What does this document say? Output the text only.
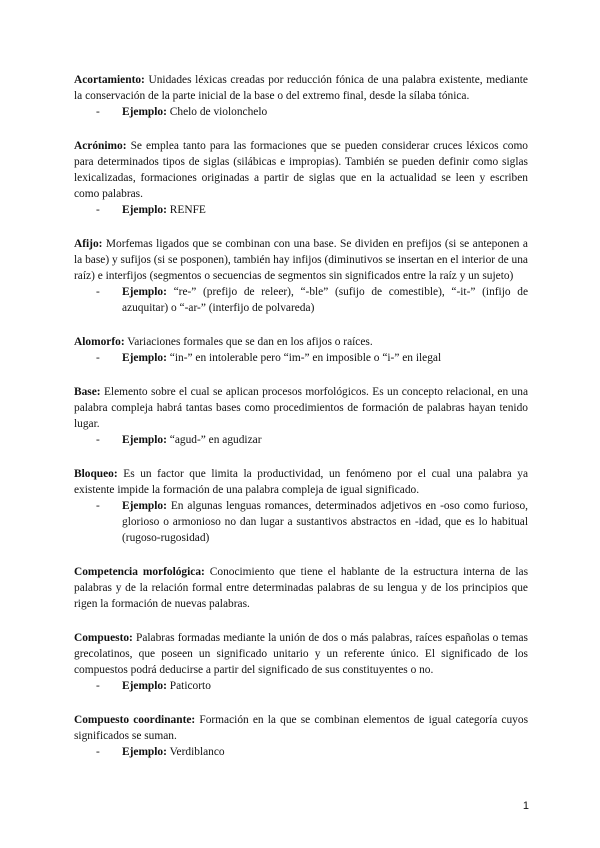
Acortamiento: Unidades léxicas creadas por reducción fónica de una palabra existente, mediante la conservación de la parte inicial de la base o del extremo final, desde la sílaba tónica.

- Ejemplo: Chelo de violonchelo

Acrónimo: Se emplea tanto para las formaciones que se pueden considerar cruces léxicos como para determinados tipos de siglas (silábicas e impropias). También se pueden definir como siglas lexicalizadas, formaciones originadas a partir de siglas que en la actualidad se leen y escriben como palabras.

- Ejemplo: RENFE

Afijo: Morfemas ligados que se combinan con una base. Se dividen en prefijos (si se anteponen a la base) y sufijos (si se posponen), también hay infijos (diminutivos se insertan en el interior de una raíz) e interfijos (segmentos o secuencias de segmentos sin significados entre la raíz y un sujeto)

- Ejemplo: “re-” (prefijo de releer), “-ble” (sufijo de comestible), “-it-” (infijo de azuquitar) o “-ar-” (interfijo de polvareda)

Alomorfo: Variaciones formales que se dan en los afijos o raíces.

- Ejemplo: “in-” en intolerable pero “im-” en imposible o “i-” en ilegal

Base: Elemento sobre el cual se aplican procesos morfológicos. Es un concepto relacional, en una palabra compleja habrá tantas bases como procedimientos de formación de palabras hayan tenido lugar.

- Ejemplo: “agud-” en agudizar

Bloqueo: Es un factor que limita la productividad, un fenómeno por el cual una palabra ya existente impide la formación de una palabra compleja de igual significado.

- Ejemplo: En algunas lenguas romances, determinados adjetivos en -oso como furioso, glorioso o armonioso no dan lugar a sustantivos abstractos en -idad, que es lo habitual (rugoso-rugosidad)

Competencia morfológica: Conocimiento que tiene el hablante de la estructura interna de las palabras y de la relación formal entre determinadas palabras de su lengua y de los principios que rigen la formación de nuevas palabras.

Compuesto: Palabras formadas mediante la unión de dos o más palabras, raíces españolas o temas grecolatinos, que poseen un significado unitario y un referente único. El significado de los compuestos podrá deducirse a partir del significado de sus constituyentes o no.

- Ejemplo: Paticorto

Compuesto coordinante: Formación en la que se combinan elementos de igual categoría cuyos significados se suman.

- Ejemplo: Verdiblanco

1
